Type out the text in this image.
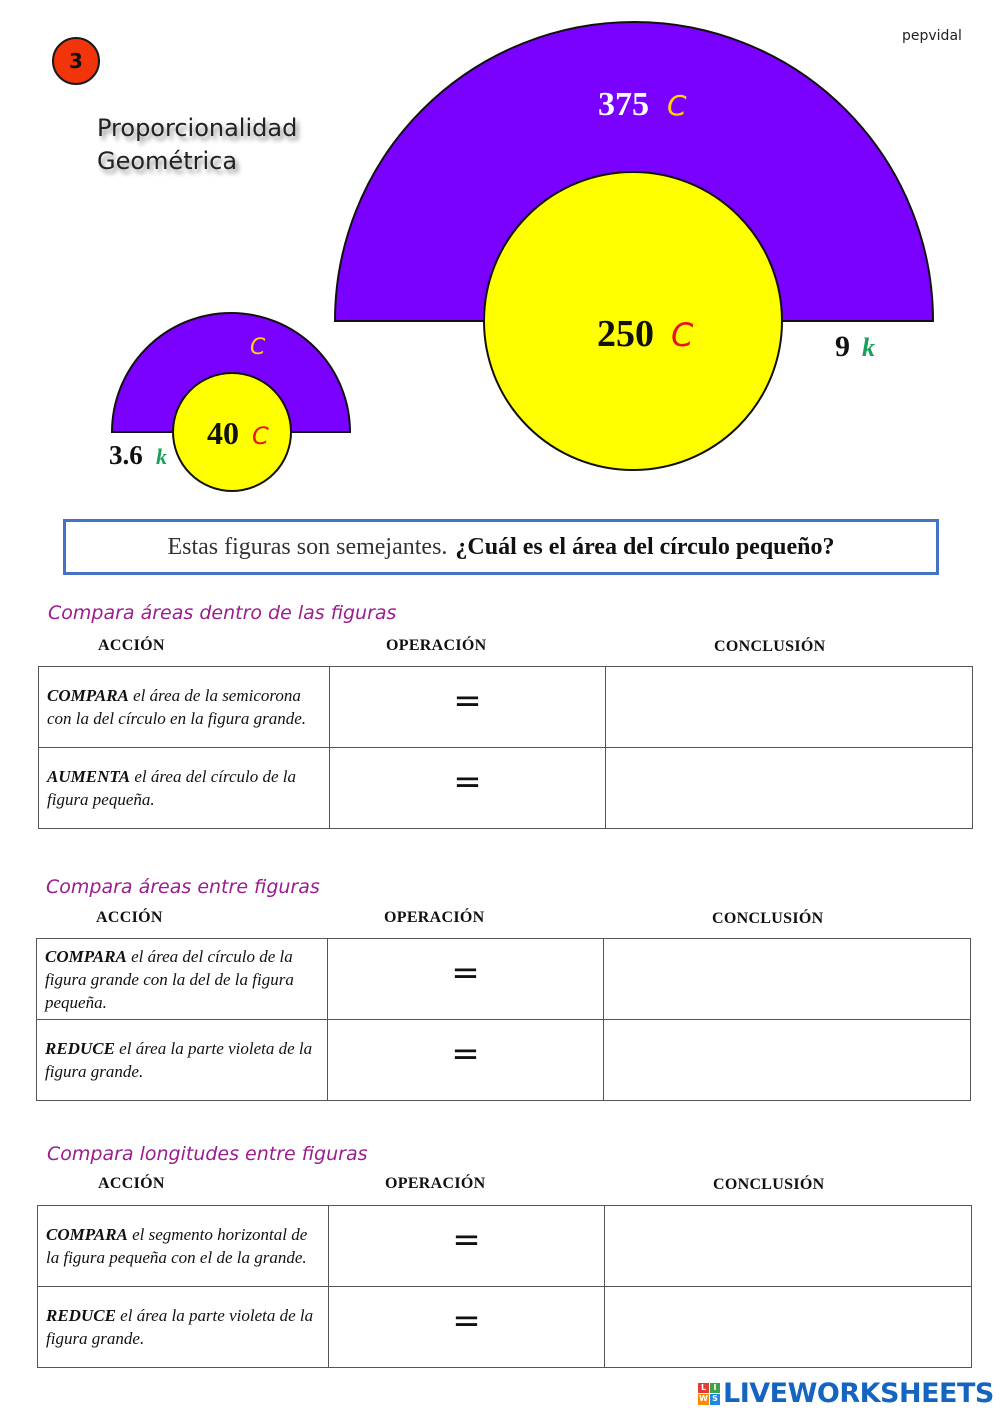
3
pepvidal
Proporcionalidad
Geométrica
375 C
250 C	9 k
C
40 C
3.6 k
Estas figuras son semejantes. ¿Cuál es el área del círculo pequeño?
Compara áreas dentro de las figuras
ACCIÓN	OPERACIÓN	CONCLUSIÓN
COMPARA el área de la semicorona con la del círculo en la figura grande.	=	
AUMENTA el área del círculo de la figura pequeña.	=	
Compara áreas entre figuras
ACCIÓN	OPERACIÓN	CONCLUSIÓN
COMPARA el área del círculo de la figura grande con la del de la figura pequeña.	=	
REDUCE el área la parte violeta de la figura grande.	=	
Compara longitudes entre figuras
ACCIÓN	OPERACIÓN	CONCLUSIÓN
COMPARA el segmento horizontal de la figura pequeña con el de la grande.	=	
REDUCE el área la parte violeta de la figura grande.	=	
L I
W S LIVEWORKSHEETS
